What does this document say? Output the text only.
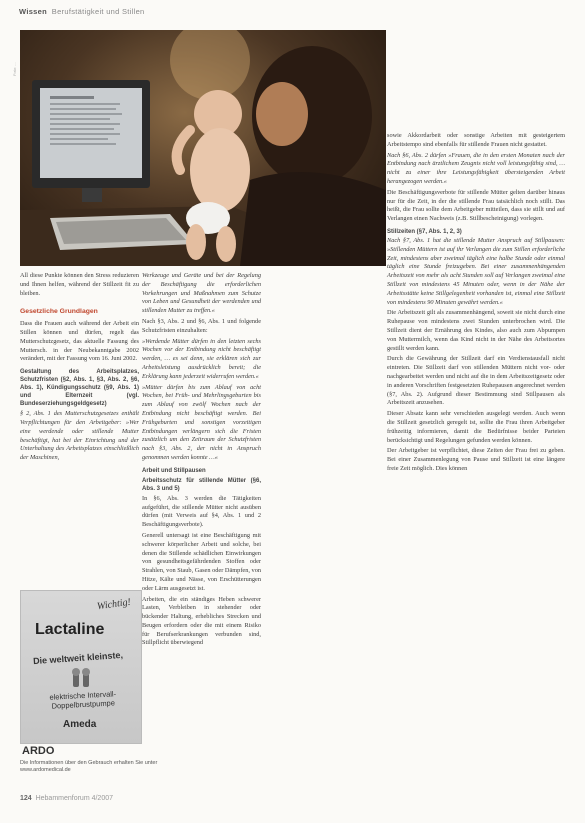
Wissen Berufstätigkeit und Stillen
Foto: ...

All diese Punkte können den Stress reduzieren und Ihnen helfen, während der Stillzeit fit zu bleiben.

Gesetzliche Grundlagen

Dass die Frauen auch während der Arbeit ein Stillen können und dürfen, regelt das Mutterschutzgesetz, das aktuelle Fassung des Muttersch. in der Neubekanntgabe 2002 verändert, mit der Fassung vom 16. Juni 2002.

Gestaltung des Arbeitsplatzes, Schutzfristen (§2, Abs. 1, §3, Abs. 2, §6, Abs. 1), Kündigungsschutz (§9, Abs. 1) und Elternzeit (vgl. Bundeserziehungsgeldgesetz)

§ 2, Abs. 1 des Mutterschutzgesetzes enthält Verpflichtungen für den Arbeitgeber: »Wer eine werdende oder stillende Mutter beschäftigt, hat bei der Einrichtung und der Unterhaltung des Arbeitsplatzes einschließlich der Maschinen,

Wichtig!
Lactaline
Die weltweit kleinste,
elektrische Intervall-Doppelbrustpumpe
Ameda
ARDO
Die Informationen über den Gebrauch erhalten Sie unter www.ardomedical.de

Werkzeuge und Geräte und bei der Regelung der Beschäftigung die erforderlichen Vorkehrungen und Maßnahmen zum Schutze von Leben und Gesundheit der werdenden und stillenden Mutter zu treffen.«

Nach §3, Abs. 2 und §6, Abs. 1 und folgende Schutzfristen einzuhalten:

»Werdende Mütter dürfen in den letzten sechs Wochen vor der Entbindung nicht beschäftigt werden, … es sei denn, sie erklären sich zur Arbeitsleistung ausdrücklich bereit; die Erklärung kann jederzeit widerrufen werden.«

»Mütter dürfen bis zum Ablauf von acht Wochen, bei Früh- und Mehrlingsgeburten bis zum Ablauf von zwölf Wochen nach der Entbindung nicht beschäftigt werden. Bei Frühgeburten und sonstigen vorzeitigen Entbindungen verlängern sich die Fristen zusätzlich um den Zeitraum der Schutzfristen nach §3, Abs. 2, der nicht in Anspruch genommen werden konnte …«

Arbeit und Stillpausen
Arbeitsschutz für stillende Mütter (§6, Abs. 3 und 5)

In §6, Abs. 3 werden die Tätigkeiten aufgeführt, die stillende Mütter nicht ausüben dürfen (mit Verweis auf §4, Abs. 1 und 2 Beschäftigungsverbote).

Generell untersagt ist eine Beschäftigung mit schwerer körperlicher Arbeit und solche, bei denen die Stillende schädlichen Einwirkungen von gesundheitsgefährdenden Stoffen oder Strahlen, von Staub, Gasen oder Dämpfen, von Hitze, Kälte und Nässe, von Erschütterungen oder Lärm ausgesetzt ist.

Arbeiten, die ein ständiges Heben schwerer Lasten, Verbleiben in stehender oder bückender Haltung, erhebliches Strecken und Beugen erfordern oder die mit einem Risiko für Berufserkrankungen verbunden sind, Stillpflicht überwiegend

sowie Akkordarbeit oder sonstige Arbeiten mit gesteigertem Arbeitstempo sind ebenfalls für stillende Frauen nicht gestattet.

Nach §6, Abs. 2 dürfen »Frauen, die in den ersten Monaten nach der Entbindung nach ärztlichem Zeugnis nicht voll leistungsfähig sind, … nicht zu einer ihre Leistungsfähigkeit übersteigenden Arbeit herangezogen werden.«

Die Beschäftigungsverbote für stillende Mütter gelten darüber hinaus nur für die Zeit, in der die stillende Frau tatsächlich noch stillt. Das heißt, die Frau sollte dem Arbeitgeber mitteilen, dass sie stillt und auf Verlangen einen Nachweis (z.B. Stillbescheinigung) vorlegen.

Stillzeiten (§7, Abs. 1, 2, 3)

Nach §7, Abs. 1 hat die stillende Mutter Anspruch auf Stillpausen: »Stillenden Müttern ist auf ihr Verlangen die zum Stillen erforderliche Zeit, mindestens aber zweimal täglich eine halbe Stunde oder einmal täglich eine Stunde freizugeben. Bei einer zusammenhängenden Arbeitszeit von mehr als acht Stunden soll auf Verlangen zweimal eine Stillzeit von mindestens 45 Minuten oder, wenn in der Nähe der Arbeitsstätte keine Stillgelegenheit vorhanden ist, einmal eine Stillzeit von mindestens 90 Minuten gewährt werden.«

Die Arbeitszeit gilt als zusammenhängend, soweit sie nicht durch eine Ruhepause von mindestens zwei Stunden unterbrochen wird. Die Stillzeit dient der Ernährung des Kindes, also auch zum Abpumpen von Muttermilch, wenn das Kind nicht in der Nähe des Arbeitsortes gestillt werden kann.

Durch die Gewährung der Stillzeit darf ein Verdienstausfall nicht eintreten. Die Stillzeit darf von stillenden Müttern nicht vor- oder nachgearbeitet werden und nicht auf die in dem Arbeitszeitgesetz oder in anderen Vorschriften festgesetzten Ruhepausen angerechnet werden (§7, Abs. 2). Aufgrund dieser Bestimmung sind Stillpausen als Arbeitszeit anzusehen.

Dieser Absatz kann sehr verschieden ausgelegt werden. Auch wenn die Stillzeit gesetzlich geregelt ist, sollte die Frau ihren Arbeitgeber frühzeitig informieren, damit die Bedürfnisse beider Parteien berücksichtigt und Regelungen gefunden werden können.

Der Arbeitgeber ist verpflichtet, diese Zeiten der Frau frei zu geben. Bei einer Zusammenlegung von Pause und Stillzeit ist eine längere freie Zeit möglich. Dies können

124 Hebammenforum 4/2007
